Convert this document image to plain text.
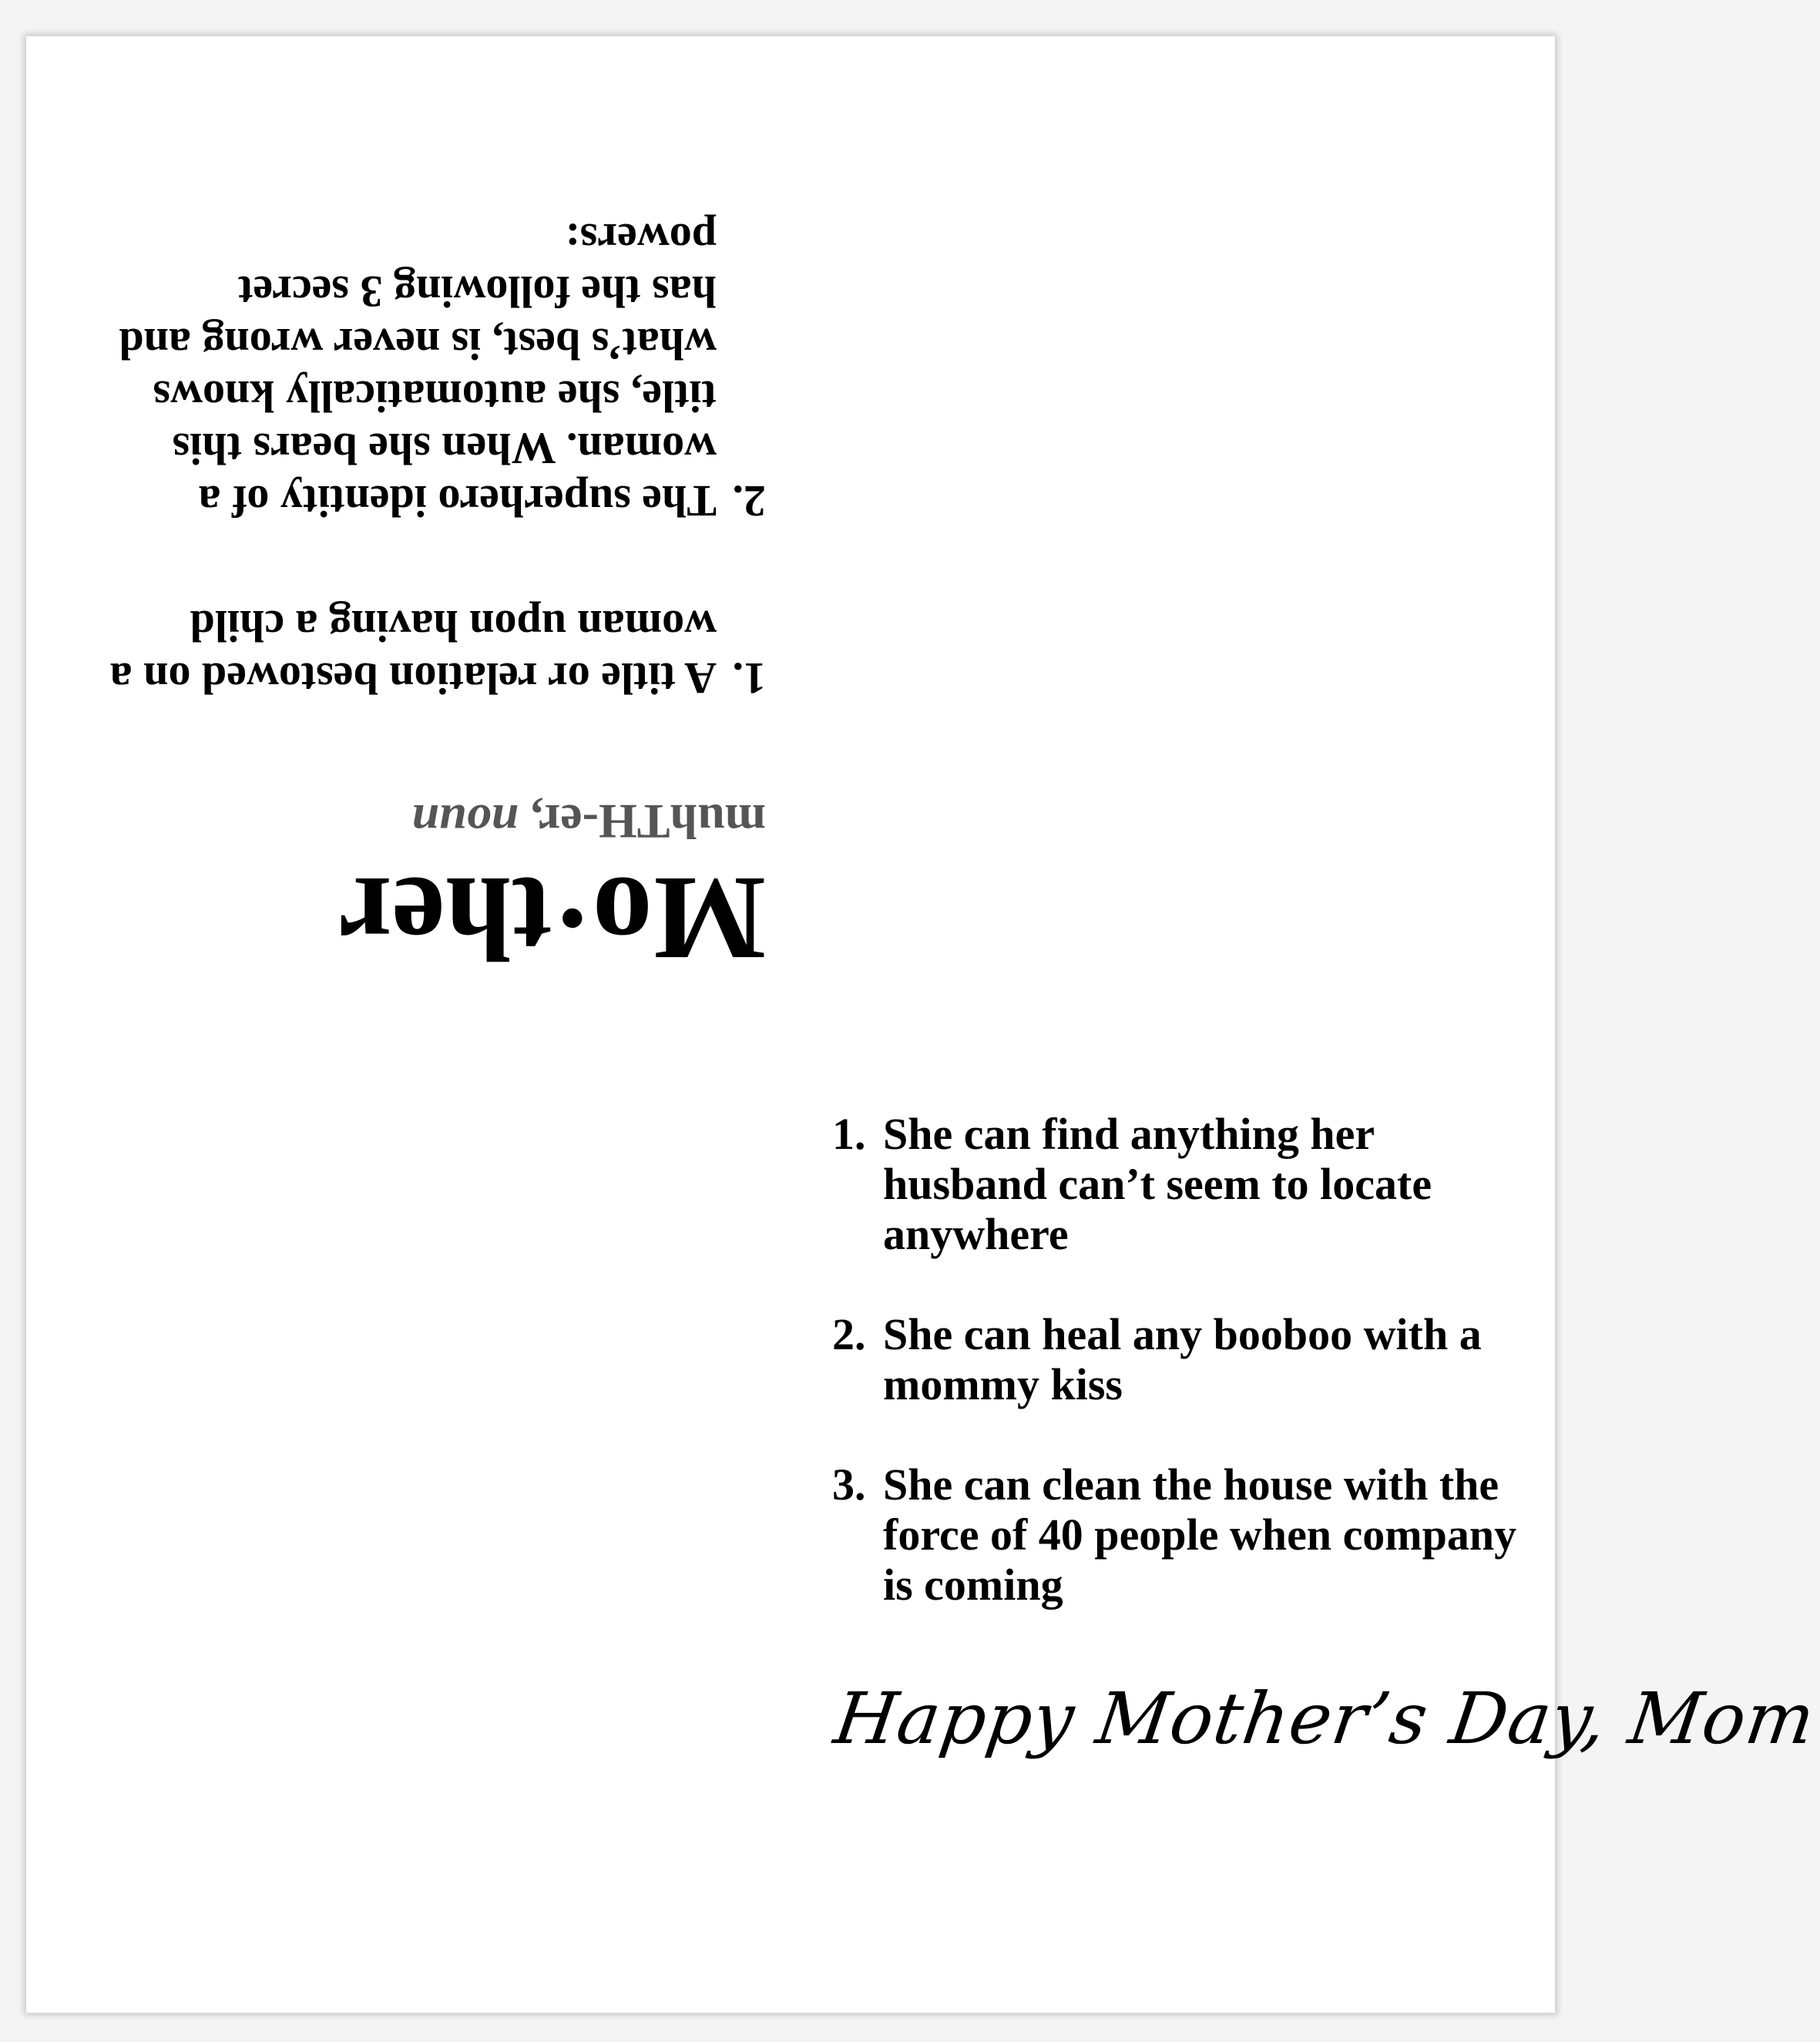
Mo·ther
muhTH-er, noun
1.
A title or relation bestowed on a woman upon having a child
2.
The superhero identity of a woman. When she bears this title, she automatically knows what’s best, is never wrong and has the following 3 secret powers:
1. She can find anything her husband can’t seem to locate anywhere
2. She can heal any booboo with a mommy kiss
3. She can clean the house with the force of 40 people when company is coming
Happy Mother’s Day, Mom
